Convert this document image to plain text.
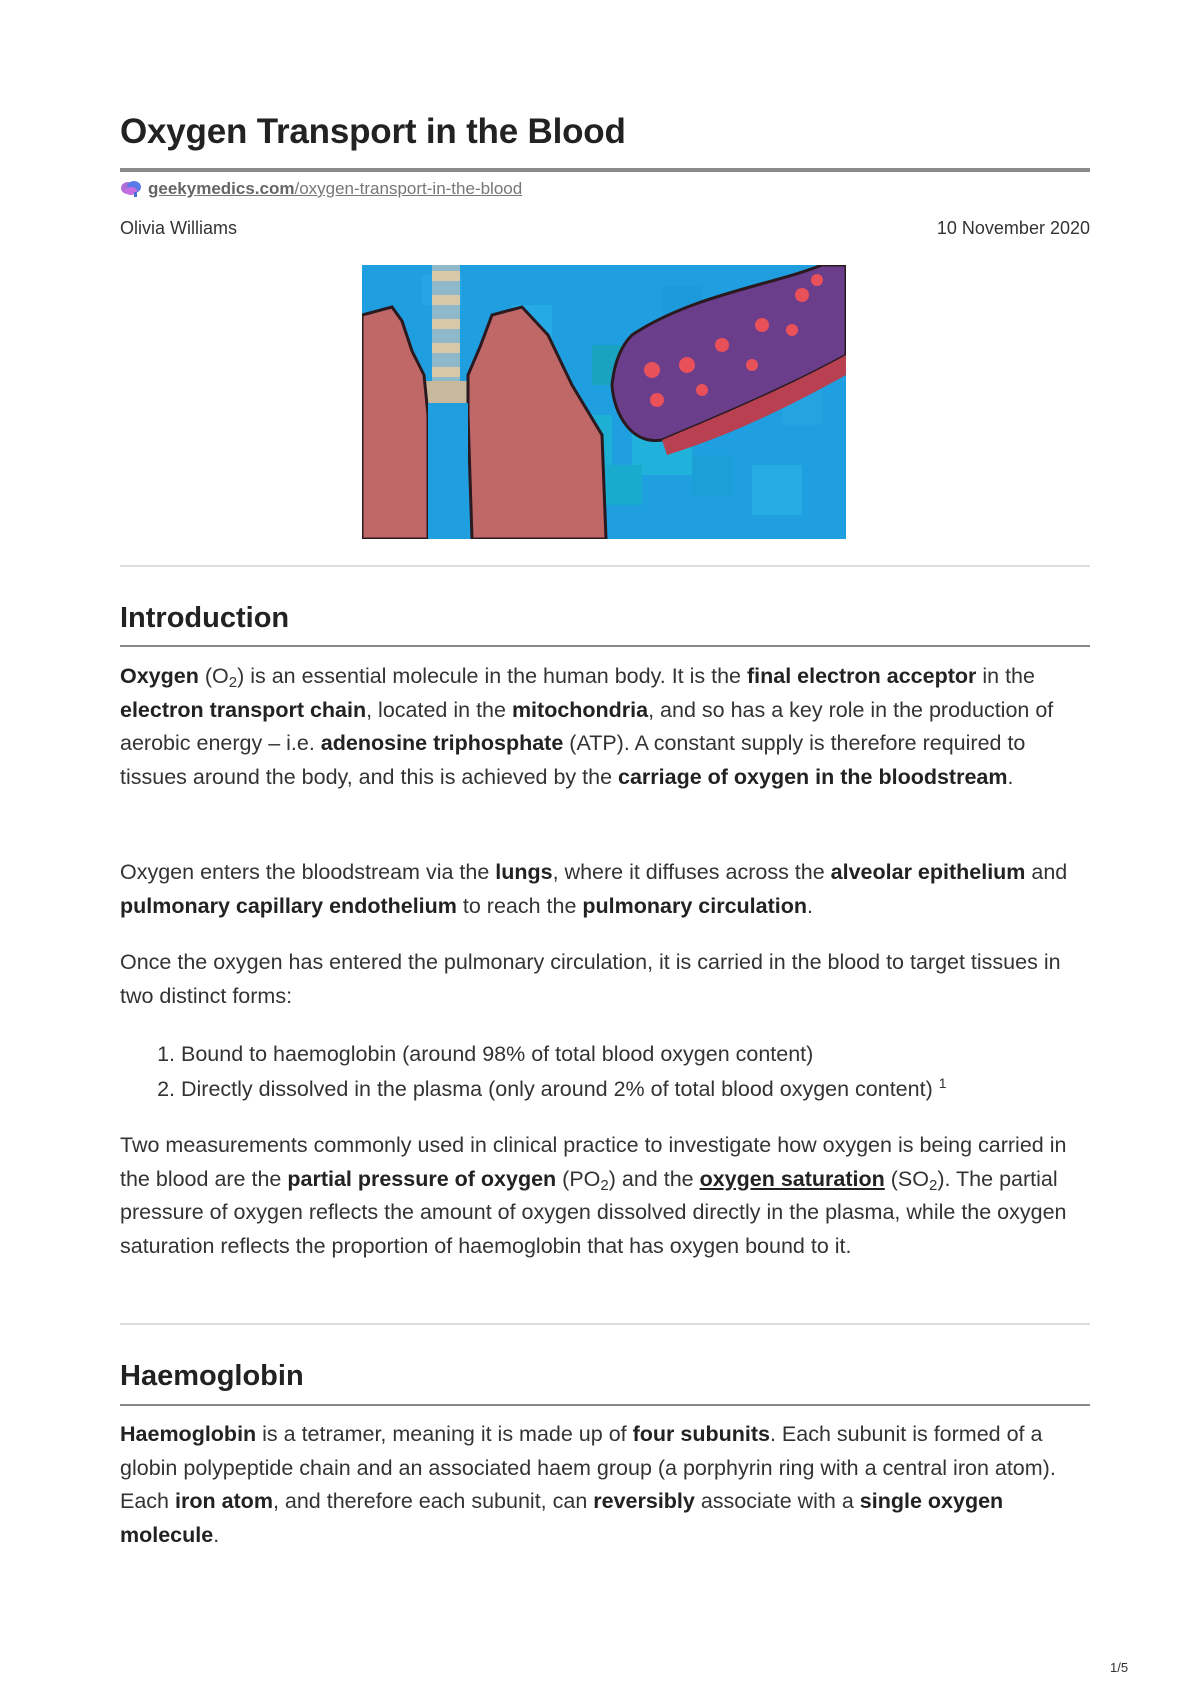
Oxygen Transport in the Blood
geekymedics.com/oxygen-transport-in-the-blood
Olivia Williams	10 November 2020
Introduction

Oxygen $(O_2)$ is an essential molecule in the human body. It is the final electron acceptor in the electron transport chain, located in the mitochondria, and so has a key role in the production of aerobic energy – i.e. adenosine triphosphate (ATP). A constant supply is therefore required to tissues around the body, and this is achieved by the carriage of oxygen in the bloodstream.

Oxygen enters the bloodstream via the lungs, where it diffuses across the alveolar epithelium and pulmonary capillary endothelium to reach the pulmonary circulation.

Once the oxygen has entered the pulmonary circulation, it is carried in the blood to target tissues in two distinct forms:

1. Bound to haemoglobin (around 98% of total blood oxygen content)
2. Directly dissolved in the plasma (only around 2% of total blood oxygen content) $^1$

Two measurements commonly used in clinical practice to investigate how oxygen is being carried in the blood are the partial pressure of oxygen $(PO_2)$ and the oxygen saturation $(SO_2)$. The partial pressure of oxygen reflects the amount of oxygen dissolved directly in the plasma, while the oxygen saturation reflects the proportion of haemoglobin that has oxygen bound to it.

Haemoglobin

Haemoglobin is a tetramer, meaning it is made up of four subunits. Each subunit is formed of a globin polypeptide chain and an associated haem group (a porphyrin ring with a central iron atom). Each iron atom, and therefore each subunit, can reversibly associate with a single oxygen molecule.

1/5
